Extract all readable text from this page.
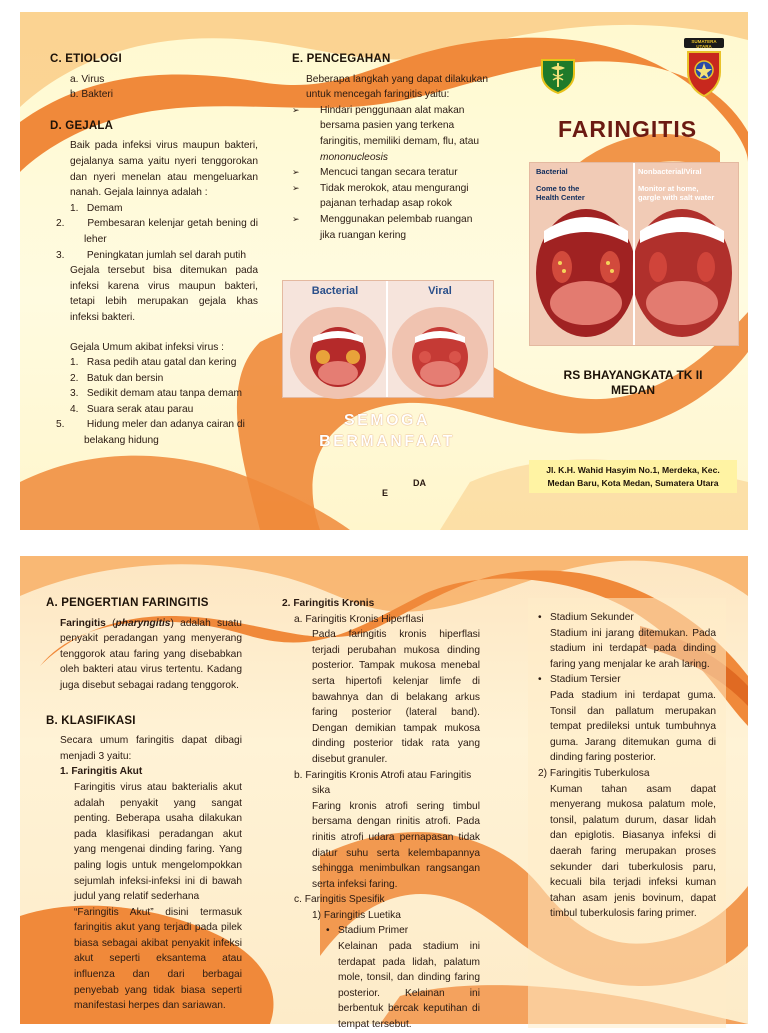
C. ETIOLOGI
a. Virus
b. Bakteri
D. GEJALA
Baik pada infeksi virus maupun bakteri, gejalanya sama yaitu nyeri tenggorokan dan nyeri menelan atau mengeluarkan nanah. Gejala lainnya adalah :
1. Demam
2. Pembesaran kelenjar getah bening di leher
3. Peningkatan jumlah sel darah putih
Gejala tersebut bisa ditemukan pada infeksi karena virus maupun bakteri, tetapi lebih merupakan gejala khas infeksi bakteri.
Gejala Umum akibat infeksi virus :
1. Rasa pedih atau gatal dan kering
2. Batuk dan bersin
3. Sedikit demam atau tanpa demam
4. Suara serak atau parau
5. Hidung meler dan adanya cairan di belakang hidung
E. PENCEGAHAN
Beberapa langkah yang dapat dilakukan untuk mencegah faringitis yaitu:
➢ Hindari penggunaan alat makan bersama pasien yang terkena faringitis, memiliki demam, flu, atau mononucleosis
➢ Mencuci tangan secara teratur
➢ Tidak merokok, atau mengurangi pajanan terhadap asap rokok
➢ Menggunakan pelembab ruangan jika ruangan kering
Bacterial	Viral
SEMOGA
BERMANFAAT
DA
E
SUMATERA UTARA
FARINGITIS
Bacterial
Come to the Health Center
Nonbacterial/Viral
Monitor at home, gargle with salt water
RS BHAYANGKATA TK II
MEDAN
Jl. K.H. Wahid Hasyim No.1, Merdeka, Kec.
Medan Baru, Kota Medan, Sumatera Utara
A. PENGERTIAN FARINGITIS
Faringitis (pharyngitis) adalah suatu penyakit peradangan yang menyerang tenggorok atau faring yang disebabkan oleh bakteri atau virus tertentu. Kadang juga disebut sebagai radang tenggorok.
B. KLASIFIKASI
Secara umum faringitis dapat dibagi menjadi 3 yaitu:
1. Faringitis Akut
Faringitis virus atau bakterialis akut adalah penyakit yang sangat penting. Beberapa usaha dilakukan pada klasifikasi peradangan akut yang mengenai dinding faring. Yang paling logis untuk mengelompokkan sejumlah infeksi-infeksi ini di bawah judul yang relatif sederhana
“Faringitis Akut” disini termasuk faringitis akut yang terjadi pada pilek biasa sebagai akibat penyakit infeksi akut seperti eksantema atau influenza dan dari berbagai penyebab yang tidak biasa seperti manifestasi herpes dan sariawan.
2. Faringitis Kronis
a. Faringitis Kronis Hiperflasi
Pada faringitis kronis hiperflasi terjadi perubahan mukosa dinding posterior. Tampak mukosa menebal serta hipertofi kelenjar limfe di bawahnya dan di belakang arkus faring posterior (lateral band). Dengan demikian tampak mukosa dinding posterior tidak rata yang disebut granuler.
b. Faringitis Kronis Atrofi atau Faringitis sika
Faring kronis atrofi sering timbul bersama dengan rinitis atrofi. Pada rinitis atrofi udara pernapasan tidak diatur suhu serta kelembapannya sehingga menimbulkan rangsangan serta infeksi faring.
c. Faringitis Spesifik
1) Faringitis Luetika
• Stadium Primer
Kelainan pada stadium ini terdapat pada lidah, palatum mole, tonsil, dan dinding faring posterior. Kelainan ini berbentuk bercak keputihan di tempat tersebut.
• Stadium Sekunder
Stadium ini jarang ditemukan. Pada stadium ini terdapat pada dinding faring yang menjalar ke arah laring.
• Stadium Tersier
Pada stadium ini terdapat guma. Tonsil dan pallatum merupakan tempat predileksi untuk tumbuhnya guma. Jarang ditemukan guma di dinding faring posterior.
2) Faringitis Tuberkulosa
Kuman tahan asam dapat menyerang mukosa palatum mole, tonsil, palatum durum, dasar lidah dan epiglotis. Biasanya infeksi di daerah faring merupakan proses sekunder dari tuberkulosis paru, kecuali bila terjadi infeksi kuman tahan asam jenis bovinum, dapat timbul tuberkulosis faring primer.
